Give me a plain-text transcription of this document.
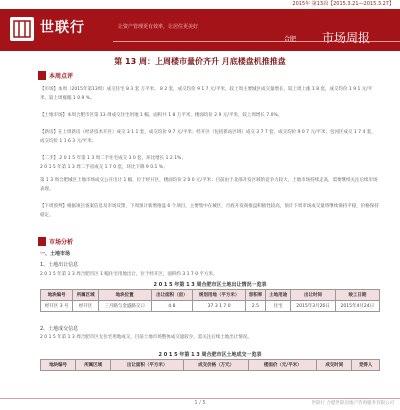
2015年 第13周【2015.3.21—2015.3.27】
世联行	让资产管理更有效率，让居住更美好
合肥 市场周报
第 13 周：上周楼市量价齐升 月底楼盘机推推盘
本周点评
【市场】本周（2015年第13周）成交住宅 8 3 套 万平米、 8 2 套，成交均价 9 1 7 元/平米，较上周主要城区成交量增长，较上周上涨 1 8 套，成交均价 1 9 1 元/平米，较上周涨幅 1 0.9 %。
【土地市场】本周合肥市区第 13 周成交住宅用地 1 幅，面积共 1 8 万平米，楼面均价 2 9 元/平米，较上周增长 7.0%。
【新房】在上周新房（经济技术开区）成交 3 1 1 套，成交均价 9 7 元/平米；经开区（包括新站区域）成交 3 7 7 套，成交均价 9 0 7 元/平米；包河区成交 1 7 4 套，成交均价 1 1 6 3 元/平米；
【二手】 2 0 1 5 年第 1 3 周二手住宅成交 3 0 套，环比增长 1 2.1%；
2 0 1 5 年第 1 3 周二手房成交 1 7 0 套，环比下降 9 0.1 %；
第 1 3 周合肥城区土地市场成交公开出让 1 幅，位于经开区，楼面均价 2 0 0 元/平米；目前由于北部开发区域的竞争力较大，土地市场持续走高，需要继续关注后续市场表现。
【下周预判】根据项目备案信息及市场反馈，下周预计新增推盘 6 个项目，主要集中在城区，月底开发商推盘积极性较高，预计下周市场成交量将继续保持平稳，价格保持稳定。
市场分析
一、土地市场
1、土地出让信息
2 0 1 5 年第 1 3 周合肥市区 1 幅住宅用地出让，位于经开区，面积约 3 1 7 0 平方米。
2 0 1 5 年第 1 3 周合肥市区土地出让情况一览表
地块编号	所属区域	地块位置	出让面积（亩）	规划用地（平方米）	容积率	土地用途	出让时间	竣工日期
经开区 3 号	经开区	三月路与金盛路交口	4.8	37 3 1 7 0	2.5	住宅	2015年3月26日	2015年4月24日
2、土地成交信息
2 0 1 5 年第 1 3 周合肥市区无住宅用地成交，目前土地市场整体成交量较少，需关注后续土地出让情况。
2 0 1 5 年第 1 3 周合肥市区土地成交一览表
地块编号	所属区域	出让面积（平方米）	成交价格（万元）	楼面价（元/平米）	成交时间	竞得人
1 / 5	世联行 合肥世联房地产咨询服务有限公司
